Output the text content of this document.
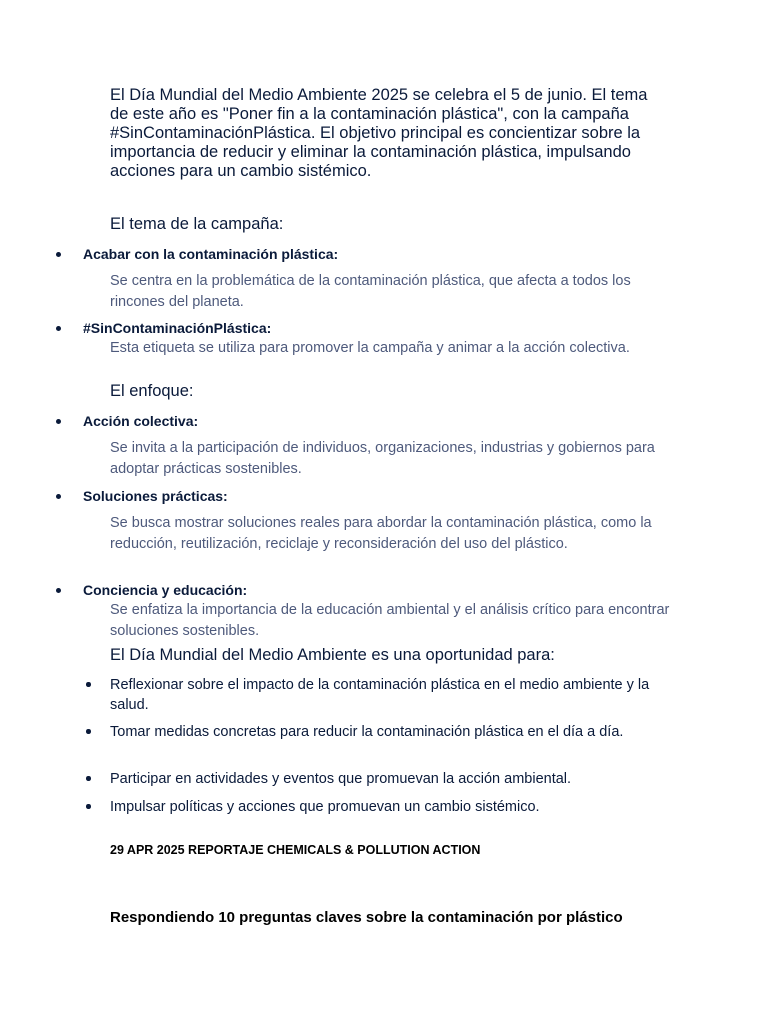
El Día Mundial del Medio Ambiente 2025 se celebra el 5 de junio. El tema de este año es "Poner fin a la contaminación plástica", con la campaña #SinContaminaciónPlástica. El objetivo principal es concientizar sobre la importancia de reducir y eliminar la contaminación plástica, impulsando acciones para un cambio sistémico.

El tema de la campaña:

Acabar con la contaminación plástica:

Se centra en la problemática de la contaminación plástica, que afecta a todos los rincones del planeta.

#SinContaminaciónPlástica:

Esta etiqueta se utiliza para promover la campaña y animar a la acción colectiva.

El enfoque:

Acción colectiva:

Se invita a la participación de individuos, organizaciones, industrias y gobiernos para adoptar prácticas sostenibles.

Soluciones prácticas:

Se busca mostrar soluciones reales para abordar la contaminación plástica, como la reducción, reutilización, reciclaje y reconsideración del uso del plástico.

Conciencia y educación:

Se enfatiza la importancia de la educación ambiental y el análisis crítico para encontrar soluciones sostenibles.

El Día Mundial del Medio Ambiente es una oportunidad para:

Reflexionar sobre el impacto de la contaminación plástica en el medio ambiente y la salud.

Tomar medidas concretas para reducir la contaminación plástica en el día a día.

Participar en actividades y eventos que promuevan la acción ambiental.

Impulsar políticas y acciones que promuevan un cambio sistémico.

29 APR 2025 REPORTAJE CHEMICALS & POLLUTION ACTION
Respondiendo 10 preguntas claves sobre la contaminación por plástico
